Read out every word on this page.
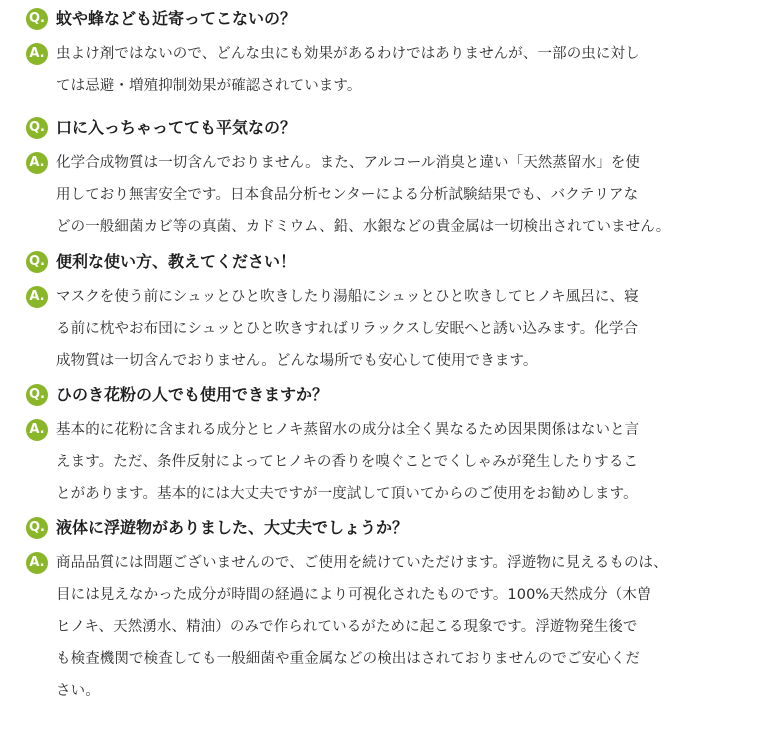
Q. 蚊や蜂なども近寄ってこないの？
A. 虫よけ剤ではないので、どんな虫にも効果があるわけではありませんが、一部の虫に対し
ては忌避・増殖抑制効果が確認されています。
Q. 口に入っちゃってても平気なの？
A. 化学合成物質は一切含んでおりません。また、アルコール消臭と違い「天然蒸留水」を使
用しており無害安全です。日本食品分析センターによる分析試験結果でも、バクテリアな
どの一般細菌カビ等の真菌、カドミウム、鉛、水銀などの貴金属は一切検出されていません。
Q. 便利な使い方、教えてください！
A. マスクを使う前にシュッとひと吹きしたり湯船にシュッとひと吹きしてヒノキ風呂に、寝
る前に枕やお布団にシュッとひと吹きすればリラックスし安眠へと誘い込みます。化学合
成物質は一切含んでおりません。どんな場所でも安心して使用できます。
Q. ひのき花粉の人でも使用できますか？
A. 基本的に花粉に含まれる成分とヒノキ蒸留水の成分は全く異なるため因果関係はないと言
えます。ただ、条件反射によってヒノキの香りを嗅ぐことでくしゃみが発生したりするこ
とがあります。基本的には大丈夫ですが一度試して頂いてからのご使用をお勧めします。
Q. 液体に浮遊物がありました、大丈夫でしょうか？
A. 商品品質には問題ございませんので、ご使用を続けていただけます。浮遊物に見えるものは、
目には見えなかった成分が時間の経過により可視化されたものです。100%天然成分（木曽
ヒノキ、天然湧水、精油）のみで作られているがために起こる現象です。浮遊物発生後で
も検査機関で検査しても一般細菌や重金属などの検出はされておりませんのでご安心くだ
さい。
